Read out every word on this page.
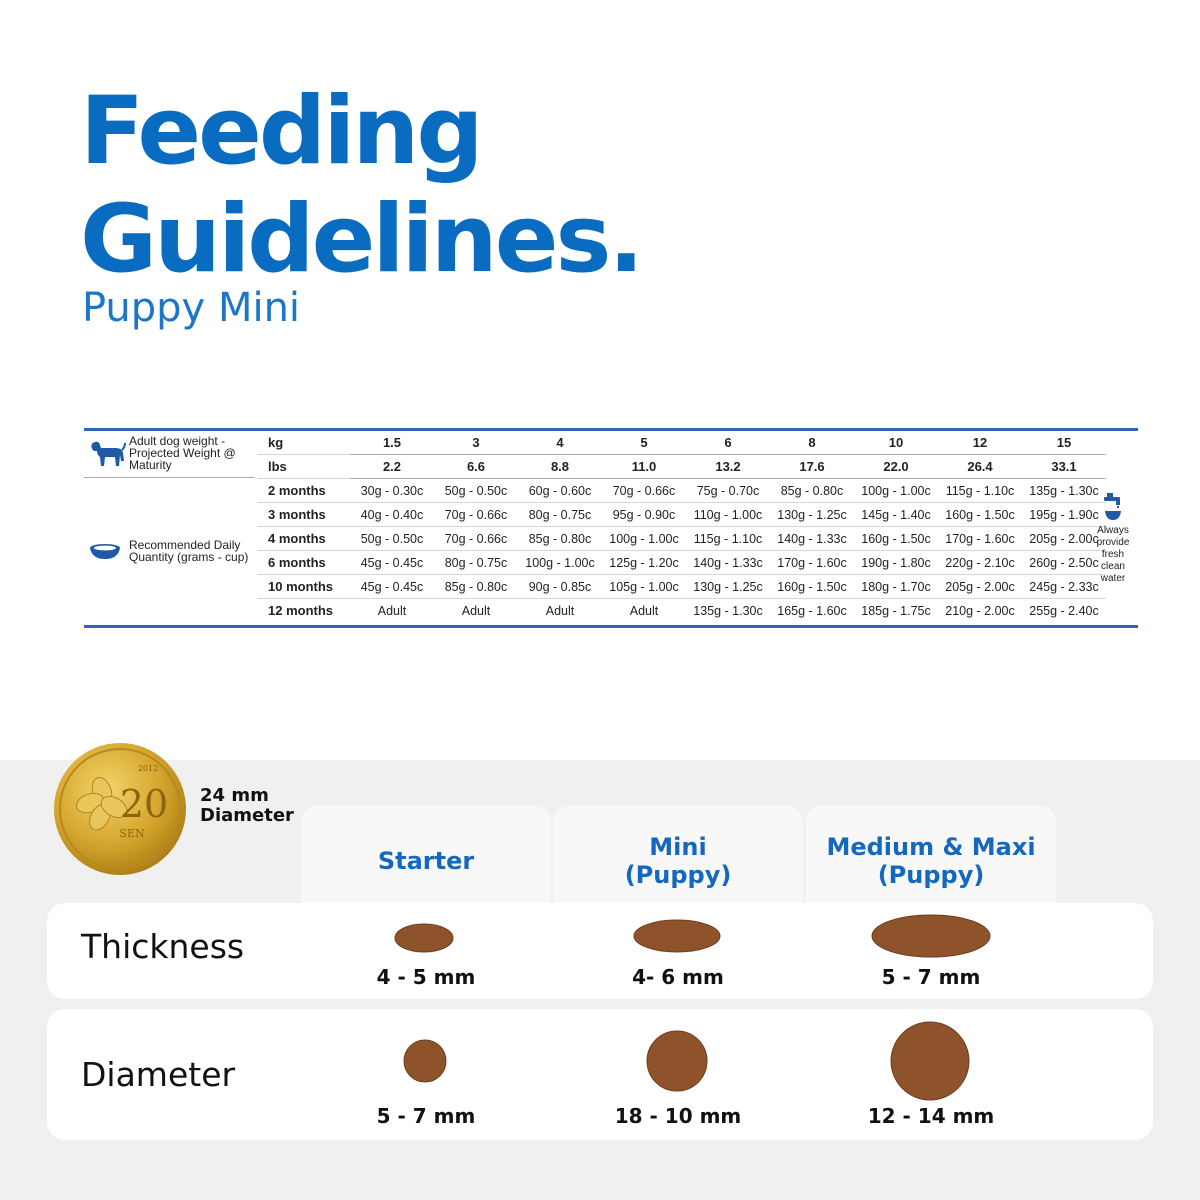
Feeding
Guidelines.
Puppy Mini
Adult dog weight -
Projected Weight @
Maturity
Recommended Daily
Quantity (grams - cup)
kg	1.5	3	4	5	6	8	10	12	15
lbs	2.2	6.6	8.8	11.0	13.2	17.6	22.0	26.4	33.1
2 months	30g - 0.30c	50g - 0.50c	60g - 0.60c	70g - 0.66c	75g - 0.70c	85g - 0.80c	100g - 1.00c	115g - 1.10c	135g - 1.30c
3 months	40g - 0.40c	70g - 0.66c	80g - 0.75c	95g - 0.90c	110g - 1.00c	130g - 1.25c	145g - 1.40c	160g - 1.50c	195g - 1.90c
4 months	50g - 0.50c	70g - 0.66c	85g - 0.80c	100g - 1.00c	115g - 1.10c	140g - 1.33c	160g - 1.50c	170g - 1.60c	205g - 2.00c
6 months	45g - 0.45c	80g - 0.75c	100g - 1.00c	125g - 1.20c	140g - 1.33c	170g - 1.60c	190g - 1.80c	220g - 2.10c	260g - 2.50c
10 months	45g - 0.45c	85g - 0.80c	90g - 0.85c	105g - 1.00c	130g - 1.25c	160g - 1.50c	180g - 1.70c	205g - 2.00c	245g - 2.33c
12 months	Adult	Adult	Adult	Adult	135g - 1.30c	165g - 1.60c	185g - 1.75c	210g - 2.00c	255g - 2.40c

Always
provide
fresh clean
water
20
SEN
2012
24 mm
Diameter
Starter	Mini
(Puppy)
Medium & Maxi
(Puppy)
Thickness
4 - 5 mm	4- 6 mm	5 - 7 mm
Diameter
5 - 7 mm	18 - 10 mm	12 - 14 mm
